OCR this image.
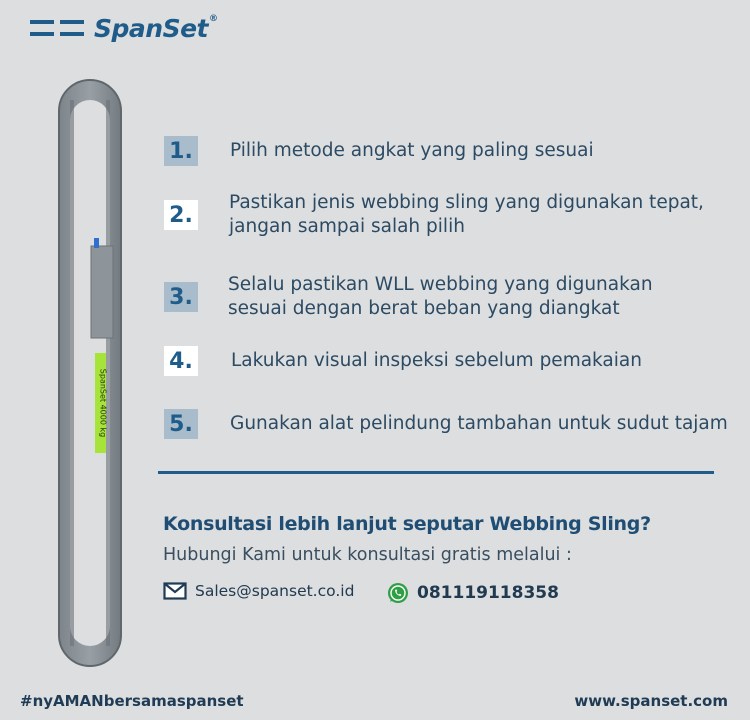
SpanSet®
SpanSet 4000 kg
1. Pilih metode angkat yang paling sesuai
2. Pastikan jenis webbing sling yang digunakan tepat,
jangan sampai salah pilih
3. Selalu pastikan WLL webbing yang digunakan
sesuai dengan berat beban yang diangkat
4. Lakukan visual inspeksi sebelum pemakaian
5. Gunakan alat pelindung tambahan untuk sudut tajam
Konsultasi lebih lanjut seputar Webbing Sling?
Hubungi Kami untuk konsultasi gratis melalui :
Sales@spanset.co.id	081119118358
#nyAMANbersamaspanset	www.spanset.com
